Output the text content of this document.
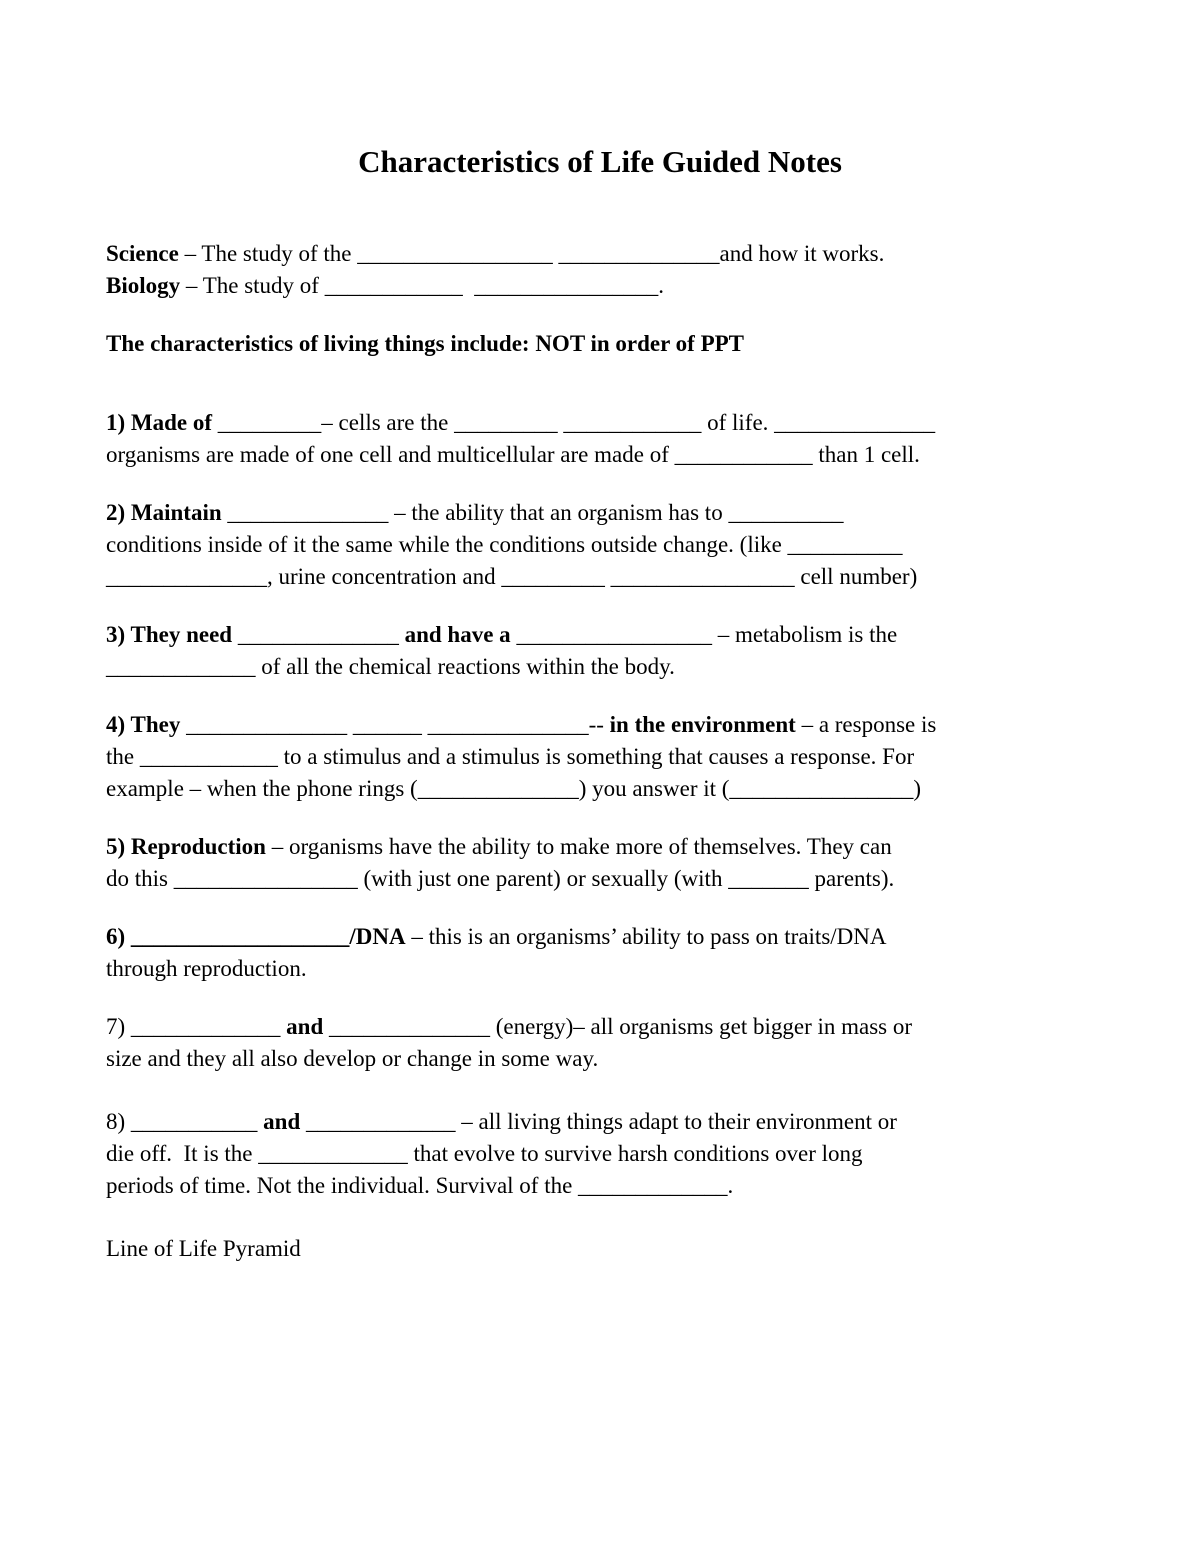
Characteristics of Life Guided Notes
Science – The study of the _________________ ______________and how it works.
Biology – The study of ____________  ________________.
The characteristics of living things include: NOT in order of PPT
1) Made of _________– cells are the _________ ____________ of life. ______________
organisms are made of one cell and multicellular are made of ____________ than 1 cell.
2) Maintain ______________ – the ability that an organism has to __________
conditions inside of it the same while the conditions outside change. (like __________
______________, urine concentration and _________ ________________ cell number)
3) They need ______________ and have a _________________ – metabolism is the
_____________ of all the chemical reactions within the body.
4) They ______________ ______ ______________-- in the environment – a response is
the ____________ to a stimulus and a stimulus is something that causes a response. For
example – when the phone rings (______________) you answer it (________________)
5) Reproduction – organisms have the ability to make more of themselves. They can
do this ________________ (with just one parent) or sexually (with _______ parents).
6) ___________________/DNA – this is an organisms’ ability to pass on traits/DNA
through reproduction.
7) _____________ and ______________ (energy)– all organisms get bigger in mass or
size and they all also develop or change in some way.
8) ___________ and _____________ – all living things adapt to their environment or
die off.  It is the _____________ that evolve to survive harsh conditions over long
periods of time. Not the individual. Survival of the _____________.
Line of Life Pyramid
